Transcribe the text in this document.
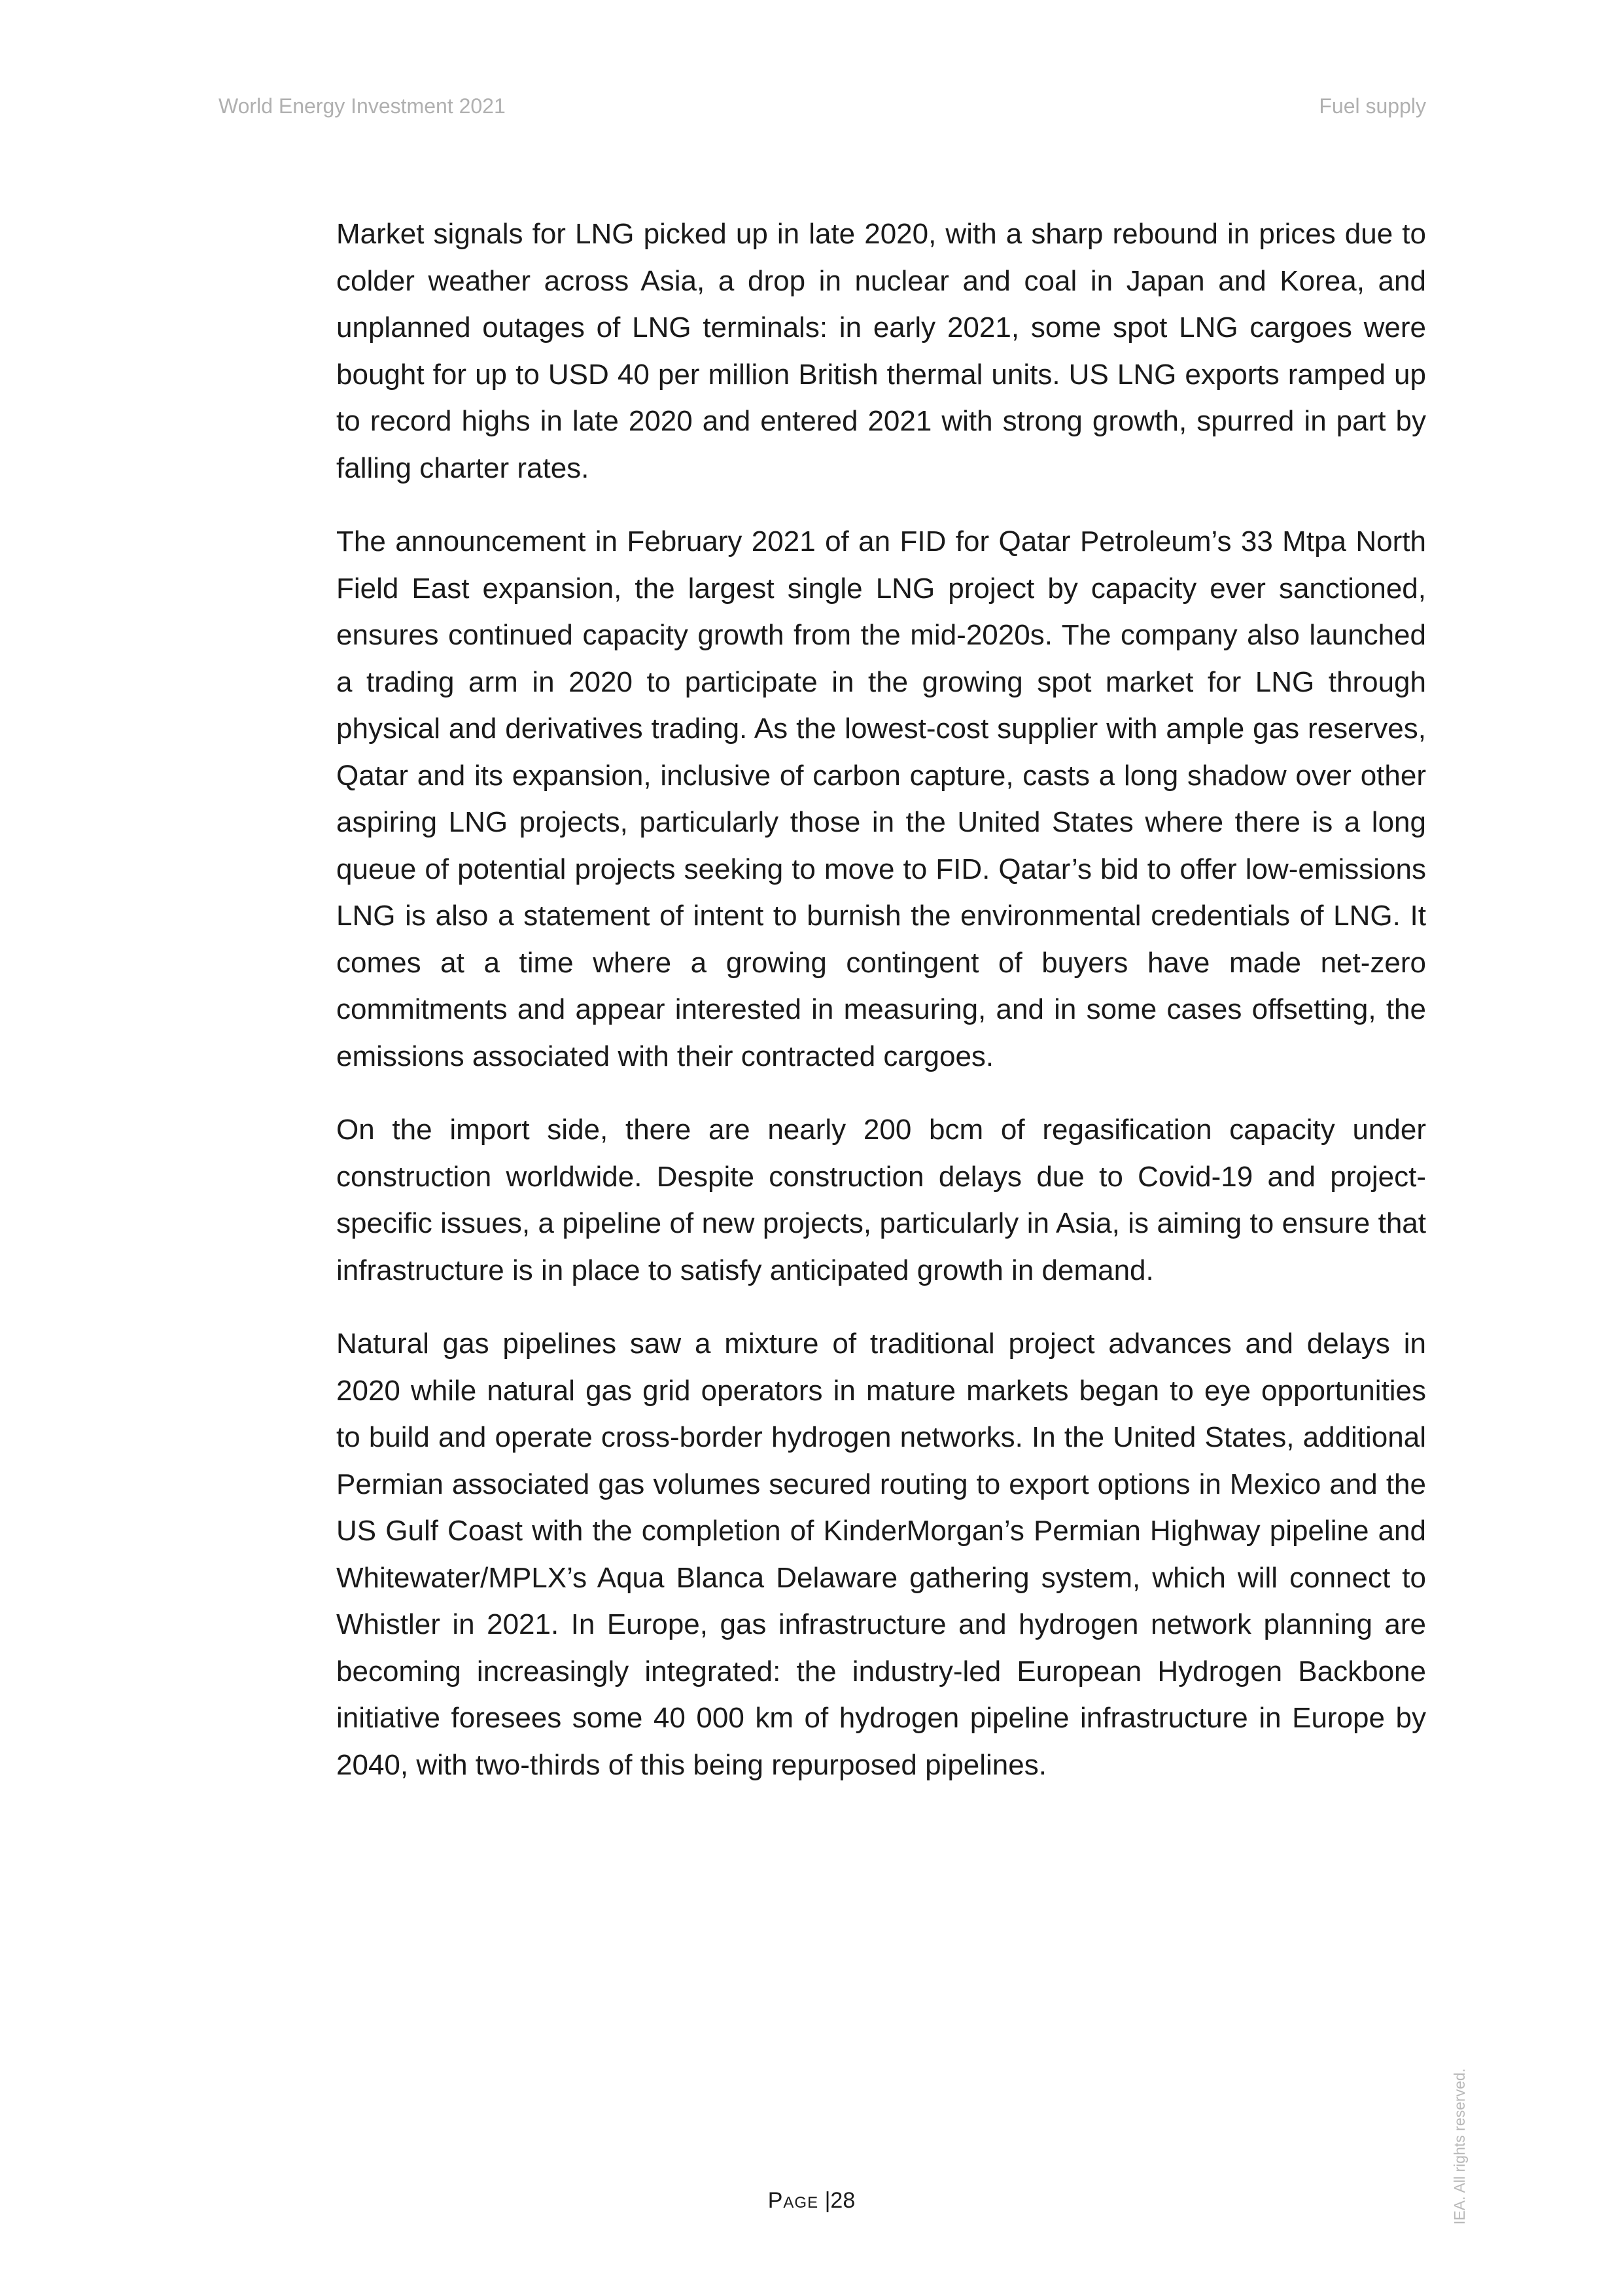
World Energy Investment 2021	Fuel supply

Market signals for LNG picked up in late 2020, with a sharp rebound in prices due to colder weather across Asia, a drop in nuclear and coal in Japan and Korea, and unplanned outages of LNG terminals: in early 2021, some spot LNG cargoes were bought for up to USD 40 per million British thermal units. US LNG exports ramped up to record highs in late 2020 and entered 2021 with strong growth, spurred in part by falling charter rates.

The announcement in February 2021 of an FID for Qatar Petroleum’s 33 Mtpa North Field East expansion, the largest single LNG project by capacity ever sanctioned, ensures continued capacity growth from the mid-2020s. The company also launched a trading arm in 2020 to participate in the growing spot market for LNG through physical and derivatives trading. As the lowest-cost supplier with ample gas reserves, Qatar and its expansion, inclusive of carbon capture, casts a long shadow over other aspiring LNG projects, particularly those in the United States where there is a long queue of potential projects seeking to move to FID. Qatar’s bid to offer low-emissions LNG is also a statement of intent to burnish the environmental credentials of LNG. It comes at a time where a growing contingent of buyers have made net-zero commitments and appear interested in measuring, and in some cases offsetting, the emissions associated with their contracted cargoes.

On the import side, there are nearly 200 bcm of regasification capacity under construction worldwide. Despite construction delays due to Covid-19 and project-specific issues, a pipeline of new projects, particularly in Asia, is aiming to ensure that infrastructure is in place to satisfy anticipated growth in demand.

Natural gas pipelines saw a mixture of traditional project advances and delays in 2020 while natural gas grid operators in mature markets began to eye opportunities to build and operate cross-border hydrogen networks. In the United States, additional Permian associated gas volumes secured routing to export options in Mexico and the US Gulf Coast with the completion of KinderMorgan’s Permian Highway pipeline and Whitewater/MPLX’s Aqua Blanca Delaware gathering system, which will connect to Whistler in 2021. In Europe, gas infrastructure and hydrogen network planning are becoming increasingly integrated: the industry-led European Hydrogen Backbone initiative foresees some 40 000 km of hydrogen pipeline infrastructure in Europe by 2040, with two-thirds of this being repurposed pipelines.

Page |28	IEA. All rights reserved.
